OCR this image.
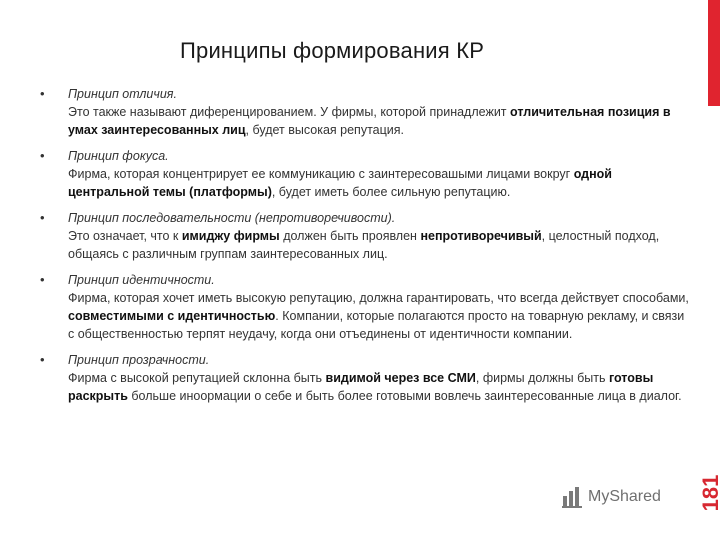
Принципы формирования КР
• Принцип отличия.

Это также называют диференцированием. У фирмы, которой принадлежит отличительная позиция в умах заинтересованных лиц, будет высокая репутация.

• Принцип фокуса.

Фирма, которая концентрирует ее коммуникацию с заинтересовашыми лицами вокруг одной центральной темы (платформы), будет иметь более сильную репутацию.

• Принцип последовательности (непротиворечивости).

Это означает, что к имиджу фирмы должен быть проявлен непротиворечивый, целостный подход, общаясь с различным группам заинтересованных лиц.

• Принцип идентичности.

Фирма, которая хочет иметь высокую репутацию, должна гарантировать, что всегда действует способами, совместимыми с идентичностью. Компании, которые полагаются просто на товарную рекламу, и связи с общественностью терпят неудачу, когда они отъединены от идентичности компании.

• Принцип прозрачности.

Фирма с высокой репутацией склонна быть видимой через все СМИ, фирмы должны быть готовы раскрыть больше иноормации о себе и быть более готовыми вовлечь заинтересованные лица в диалог.

181
MyShared
